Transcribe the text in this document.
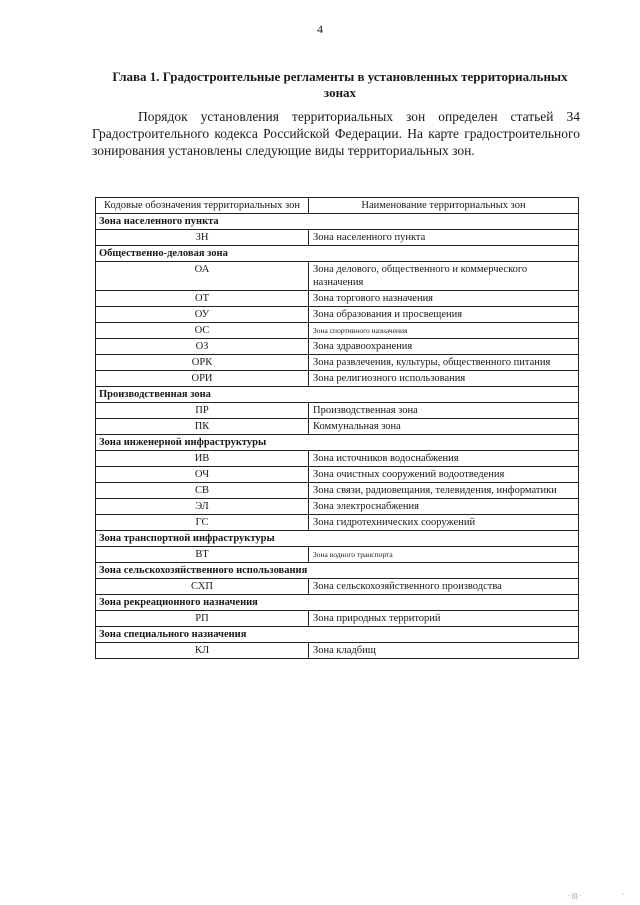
4
Глава 1. Градостроительные регламенты в установленных территориальных зонах

Порядок установления территориальных зон определен статьей 34 Градостроительного кодекса Российской Федерации. На карте градостроительного зонирования установлены следующие виды территориальных зон.

Кодовые обозначения территориальных зон	Наименование территориальных зон
Зона населенного пункта	
ЗН	Зона населенного пункта
Общественно-деловая зона	
ОА	Зона делового, общественного и коммерческого назначения
ОТ	Зона торгового назначения
ОУ	Зона образования и просвещения
ОС	Зона спортивного назначения
ОЗ	Зона здравоохранения
ОРК	Зона развлечения, культуры, общественного питания
ОРИ	Зона религиозного использования
Производственная зона	
ПР	Производственная зона
ПК	Коммунальная зона
Зона инженерной инфраструктуры	
ИВ	Зона источников водоснабжения
ОЧ	Зона очистных сооружений водоотведения
СВ	Зона связи, радиовещания, телевидения, информатики
ЭЛ	Зона электроснабжения
ГС	Зона гидротехнических сооружений
Зона транспортной инфраструктуры	
ВТ	Зона водного транспорта
Зона сельскохозяйственного использования	
СХП	Зона сельскохозяйственного производства
Зона рекреационного назначения	
РП	Зона природных территорий
Зона специального назначения	
КЛ	Зона кладбищ
· ||| ·	ʼ
